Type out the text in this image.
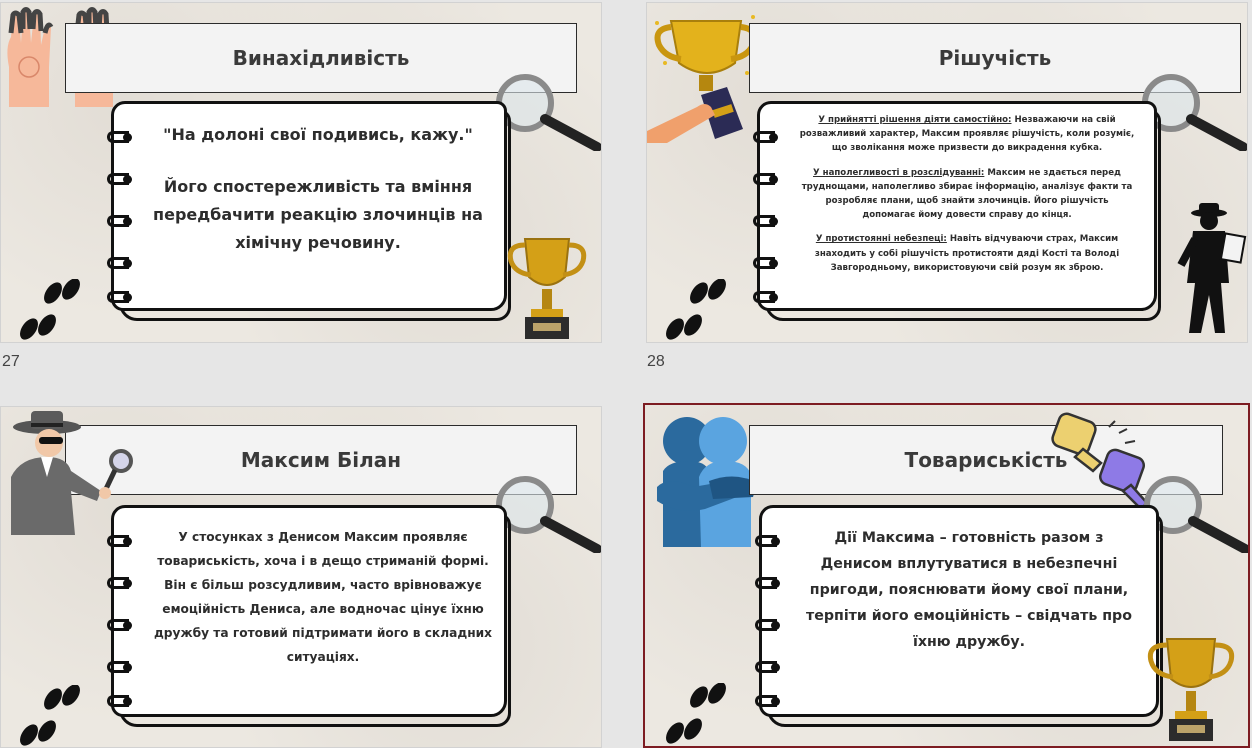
Винахідливість

"На долоні свої подивись, кажу."

Його спостережливість та вміння передбачити реакцію злочинців на хімічну речовину.

27
Рішучість

У прийнятті рішення діяти самостійно: Незважаючи на свій розважливий характер, Максим проявляє рішучість, коли розуміє, що зволікання може призвести до викрадення кубка.

У наполегливості в розслідуванні: Максим не здається перед труднощами, наполегливо збирає інформацію, аналізує факти та розробляє плани, щоб знайти злочинців. Його рішучість допомагає йому довести справу до кінця.

У протистоянні небезпеці: Навіть відчуваючи страх, Максим знаходить у собі рішучість протистояти дяді Кості та Володі Завгородньому, використовуючи свій розум як зброю.

28
Максим Білан

У стосунках з Денисом Максим проявляє товариськість, хоча і в дещо стриманій формі. Він є більш розсудливим, часто врівноважує емоційність Дениса, але водночас цінує їхню дружбу та готовий підтримати його в складних ситуаціях.

Товариськість

Дії Максима – готовність разом з Денисом вплутуватися в небезпечні пригоди, пояснювати йому свої плани, терпіти його емоційність – свідчать про їхню дружбу.
